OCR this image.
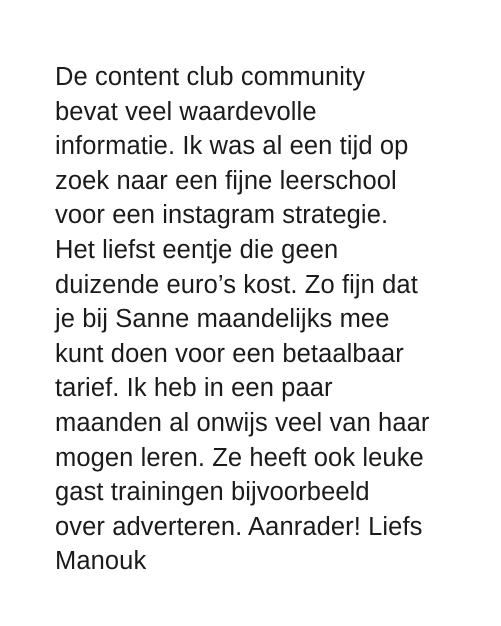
De content club community
bevat veel waardevolle
informatie. Ik was al een tijd op
zoek naar een fijne leerschool
voor een instagram strategie.
Het liefst eentje die geen
duizende euro’s kost. Zo fijn dat
je bij Sanne maandelijks mee
kunt doen voor een betaalbaar
tarief. Ik heb in een paar
maanden al onwijs veel van haar
mogen leren. Ze heeft ook leuke
gast trainingen bijvoorbeeld
over adverteren. Aanrader! Liefs
Manouk
